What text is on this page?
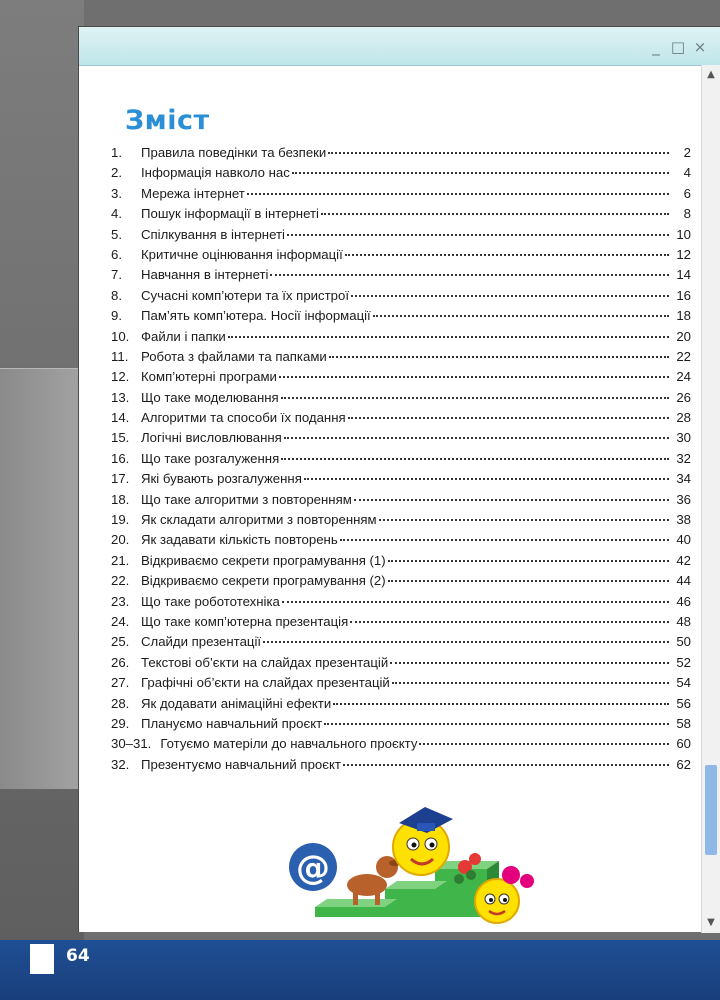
_ □ ×
Зміст
1.	Правила поведінки та безпеки	2
2.	Інформація навколо нас	4
3.	Мережа інтернет	6
4.	Пошук інформації в інтернеті	8
5.	Спілкування в інтернеті	10
6.	Критичне оцінювання інформації	12
7.	Навчання в інтернеті	14
8.	Сучасні комп’ютери та їх пристрої	16
9.	Пам’ять комп’ютера. Носії інформації	18
10. Файли і папки	20
11. Робота з файлами та папками	22
12. Комп’ютерні програми	24
13. Що таке моделювання	26
14. Алгоритми та способи їх подання	28
15. Логічні висловлювання	30
16. Що таке розгалуження	32
17. Які бувають розгалуження	34
18. Що таке алгоритми з повторенням	36
19. Як складати алгоритми з повторенням	38
20. Як задавати кількість повторень	40
21. Відкриваємо секрети програмування (1)	42
22. Відкриваємо секрети програмування (2)	44
23. Що таке робототехніка	46
24. Що таке комп’ютерна презентація	48
25. Слайди презентації	50
26. Текстові об’єкти на слайдах презентацій	52
27. Графічні об’єкти на слайдах презентацій	54
28. Як додавати анімаційні ефекти	56
29. Плануємо навчальний проєкт	58
30–31. Готуємо матеріли до навчального проєкту	60
32. Презентуємо навчальний проєкт	62
@
▲
▼
64
